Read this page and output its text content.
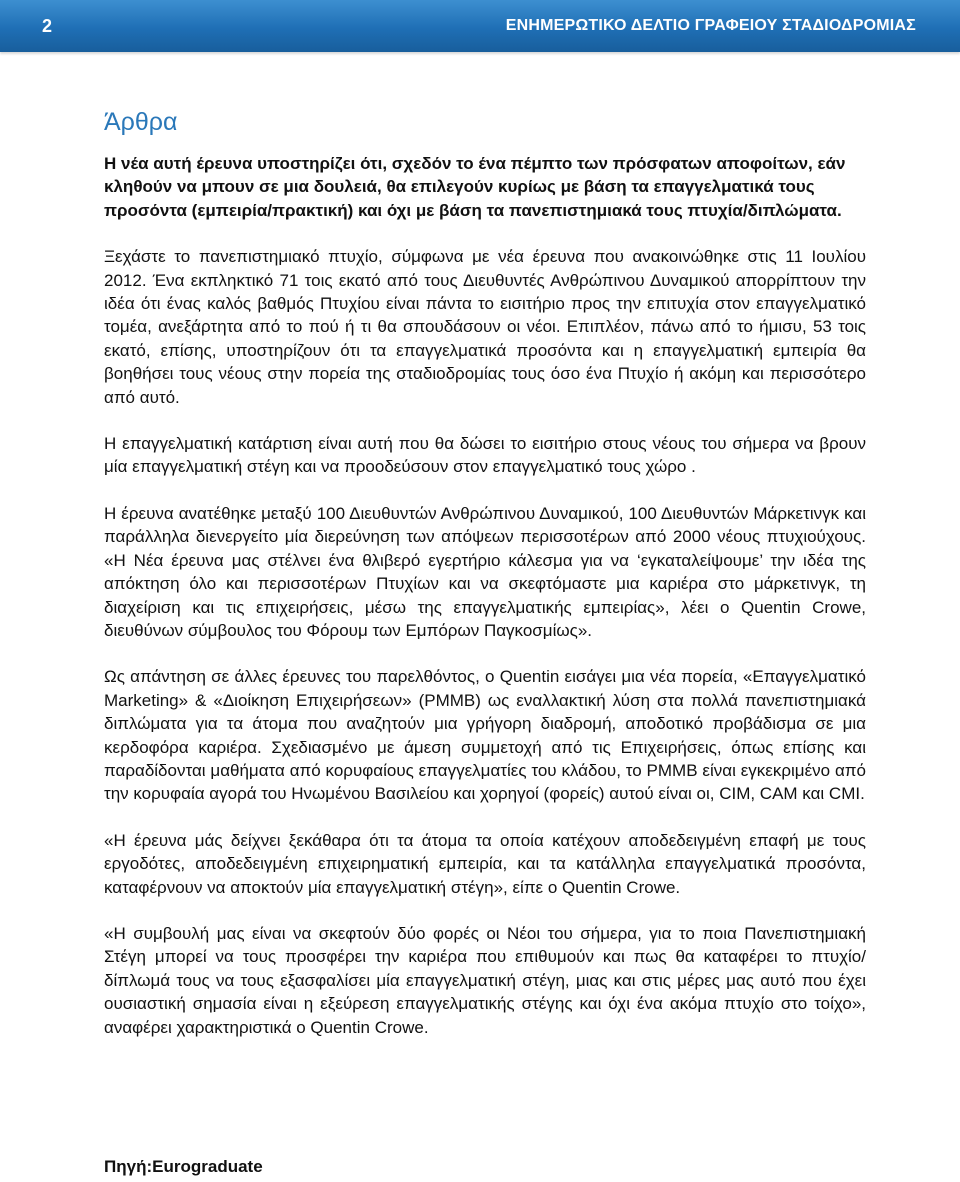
2	ΕΝΗΜΕΡΩΤΙΚΟ ΔΕΛΤΙΟ ΓΡΑΦΕΙΟΥ ΣΤΑΔΙΟΔΡΟΜΙΑΣ
Άρθρα

Η νέα αυτή έρευνα υποστηρίζει ότι, σχεδόν το ένα πέμπτο των πρόσφατων αποφοίτων, εάν κληθούν να μπουν σε μια δουλειά, θα επιλεγούν κυρίως με βάση τα επαγγελματικά τους προσόντα (εμπειρία/πρακτική) και όχι με βάση τα πανεπιστημιακά τους πτυχία/διπλώματα.

Ξεχάστε το πανεπιστημιακό πτυχίο, σύμφωνα με νέα έρευνα που ανακοινώθηκε στις 11 Ιουλίου 2012. Ένα εκπληκτικό 71 τοις εκατό από τους Διευθυντές Ανθρώπινου Δυναμικού απορρίπτουν την ιδέα ότι ένας καλός βαθμός Πτυχίου είναι πάντα το εισιτήριο προς την επιτυχία στον επαγγελματικό τομέα, ανεξάρτητα από το πού ή τι θα σπουδάσουν οι νέοι. Επιπλέον, πάνω από το ήμισυ, 53 τοις εκατό, επίσης, υποστηρίζουν ότι τα επαγγελματικά προσόντα και η επαγγελματική εμπειρία θα βοηθήσει τους νέους στην πορεία της σταδιοδρομίας τους όσο ένα Πτυχίο ή ακόμη και περισσότερο από αυτό.

Η επαγγελματική κατάρτιση είναι αυτή που θα δώσει το εισιτήριο στους νέους του σήμερα να βρουν μία επαγγελματική στέγη και να προοδεύσουν στον επαγγελματικό τους χώρο .

Η έρευνα ανατέθηκε μεταξύ 100 Διευθυντών Ανθρώπινου Δυναμικού, 100 Διευθυντών Μάρκετινγκ και παράλληλα διενεργείτο μία διερεύνηση των απόψεων περισσοτέρων από 2000 νέους πτυχιούχους. «Η Νέα έρευνα μας στέλνει ένα θλιβερό εγερτήριο κάλεσμα για να ‘εγκαταλείψουμε’ την ιδέα της απόκτηση όλο και περισσοτέρων Πτυχίων και να σκεφτόμαστε μια καριέρα στο μάρκετινγκ, τη διαχείριση και τις επιχειρήσεις, μέσω της επαγγελματικής εμπειρίας», λέει ο Quentin Crowe, διευθύνων σύμβουλος του Φόρουμ των Εμπόρων Παγκοσμίως».

Ως απάντηση σε άλλες έρευνες του παρελθόντος, ο Quentin εισάγει μια νέα πορεία, «Επαγγελματικό Marketing» & «Διοίκηση Επιχειρήσεων» (PMMB) ως εναλλακτική λύση στα πολλά πανεπιστημιακά διπλώματα για τα άτομα που αναζητούν μια γρήγορη διαδρομή, αποδοτικό προβάδισμα σε μια κερδοφόρα καριέρα. Σχεδιασμένο με άμεση συμμετοχή από τις Επιχειρήσεις, όπως επίσης και παραδίδονται μαθήματα από κορυφαίους επαγγελματίες του κλάδου, το PMMB είναι εγκεκριμένο από την κορυφαία αγορά του Ηνωμένου Βασιλείου και χορηγοί (φορείς) αυτού είναι οι, CIM, CAM και CMI.

«Η έρευνα μάς δείχνει ξεκάθαρα ότι τα άτομα τα οποία κατέχουν αποδεδειγμένη επαφή με τους εργοδότες, αποδεδειγμένη επιχειρηματική εμπειρία, και τα κατάλληλα επαγγελματικά προσόντα, καταφέρνουν να αποκτούν μία επαγγελματική στέγη», είπε ο Quentin Crowe.

«Η συμβουλή μας είναι να σκεφτούν δύο φορές οι Νέοι του σήμερα, για το ποια Πανεπιστημιακή Στέγη μπορεί να τους προσφέρει την καριέρα που επιθυμούν και πως θα καταφέρει το πτυχίο/δίπλωμά τους να τους εξασφαλίσει μία επαγγελματική στέγη, μιας και στις μέρες μας αυτό που έχει ουσιαστική σημασία είναι η εξεύρεση επαγγελματικής στέγης και όχι ένα ακόμα πτυχίο στο τοίχο», αναφέρει χαρακτηριστικά ο Quentin Crowe.

Πηγή:Eurograduate
